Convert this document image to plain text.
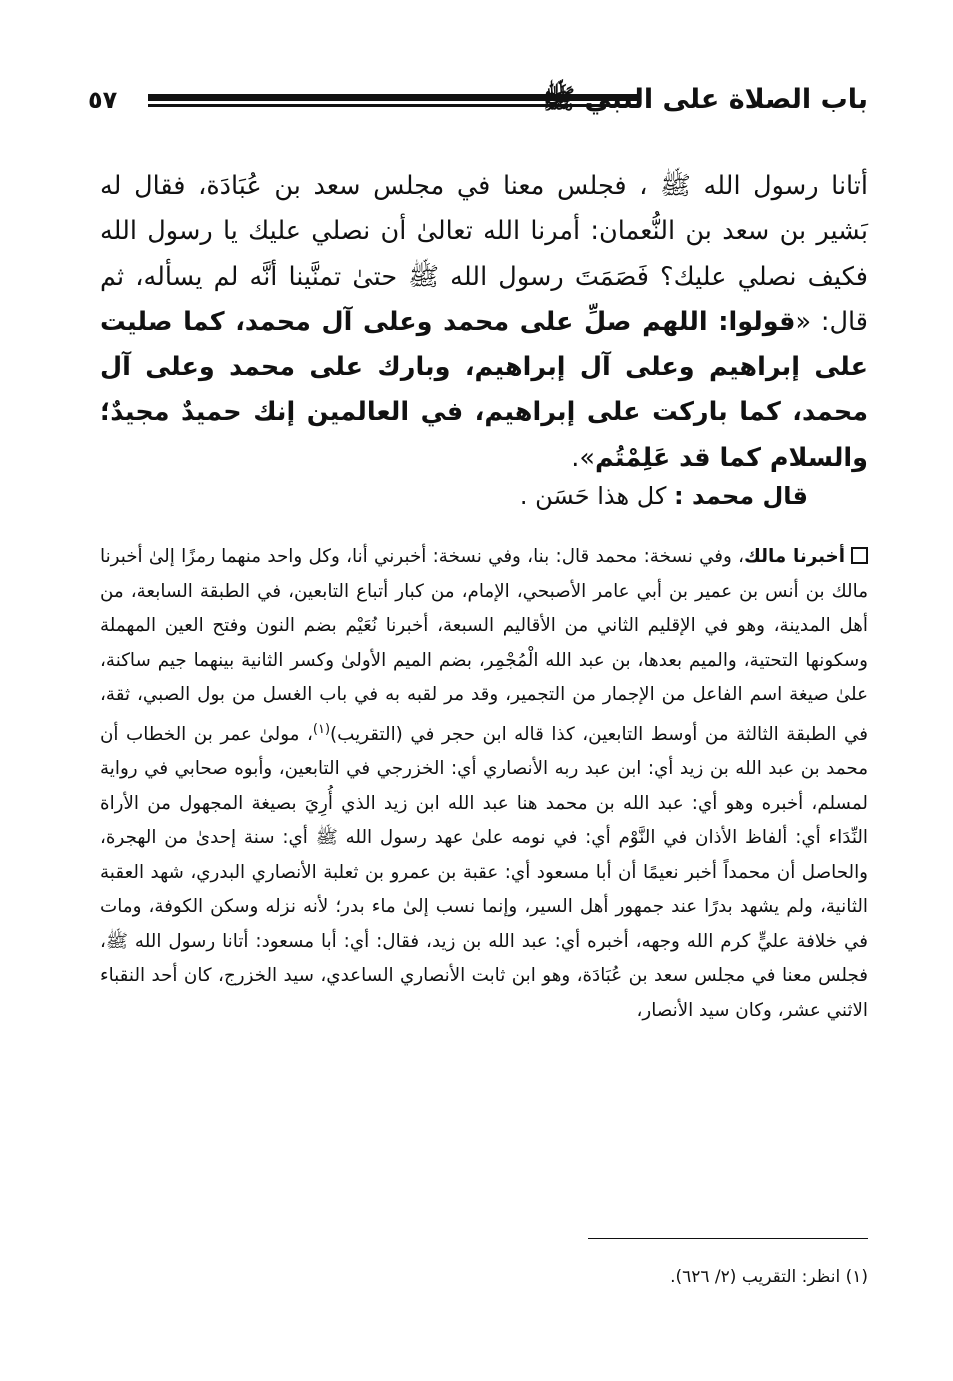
باب الصلاة على النبي ﷺ
٥٧
أتانا رسول الله ﷺ ، فجلس معنا في مجلس سعد بن عُبَادَة، فقال له بَشير بن سعد بن النُّعمان: أمرنا الله تعالىٰ أن نصلي عليك يا رسول الله فكيف نصلي عليك؟ فَصَمَتَ رسول الله ﷺ حتىٰ تمنَّينا أنَّه لم يسأله، ثم قال: «قولوا: اللهم صلِّ على محمد وعلى آل محمد، كما صليت على إبراهيم وعلى آل إبراهيم، وبارك على محمد وعلى آل محمد، كما باركت على إبراهيم، في العالمين إنك حميدٌ مجيدٌ؛ والسلام كما قد عَلِمْتُم».
قال محمد : كل هذا حَسَن .
أخبرنا مالك، وفي نسخة: محمد قال: بنا، وفي نسخة: أخبرني أنا، وكل واحد منهما رمزًا إلىٰ أخبرنا مالك بن أنس بن عمير بن أبي عامر الأصبحي، الإمام، من كبار أتباع التابعين، في الطبقة السابعة، من أهل المدينة، وهو في الإقليم الثاني من الأقاليم السبعة، أخبرنا نُعَيْم بضم النون وفتح العين المهملة وسكونها التحتية، والميم بعدها، بن عبد الله الْمُجْمِر، بضم الميم الأولىٰ وكسر الثانية بينهما جيم ساكنة، علىٰ صيغة اسم الفاعل من الإجمار من التجمير، وقد مر لقبه به في باب الغسل من بول الصبي، ثقة، في الطبقة الثالثة من أوسط التابعين، كذا قاله ابن حجر في (التقريب)$^{(١)}$، مولىٰ عمر بن الخطاب أن محمد بن عبد الله بن زيد أي: ابن عبد ربه الأنصاري أي: الخزرجي في التابعين، وأبوه صحابي في رواية لمسلم، أخبره وهو أي: عبد الله بن محمد هنا عبد الله ابن زيد الذي أُرِيَ بصيغة المجهول من الأراة النِّدَاء أي: ألفاظ الأذان في النَّوْم أي: في نومه علىٰ عهد رسول الله ﷺ أي: سنة إحدىٰ من الهجرة، والحاصل أن محمداً أخبر نعيمًا أن أبا مسعود أي: عقبة بن عمرو بن ثعلبة الأنصاري البدري، شهد العقبة الثانية، ولم يشهد بدرًا عند جمهور أهل السير، وإنما نسب إلىٰ ماء بدر؛ لأنه نزله وسكن الكوفة، ومات في خلافة عليٍّ كرم الله وجهه، أخبره أي: عبد الله بن زيد، فقال: أي: أبا مسعود: أتانا رسول الله ﷺ، فجلس معنا في مجلس سعد بن عُبَادَة، وهو ابن ثابت الأنصاري الساعدي، سيد الخزرج، كان أحد النقباء الاثني عشر، وكان سيد الأنصار،
(١) انظر: التقريب (٢/ ٦٢٦).
